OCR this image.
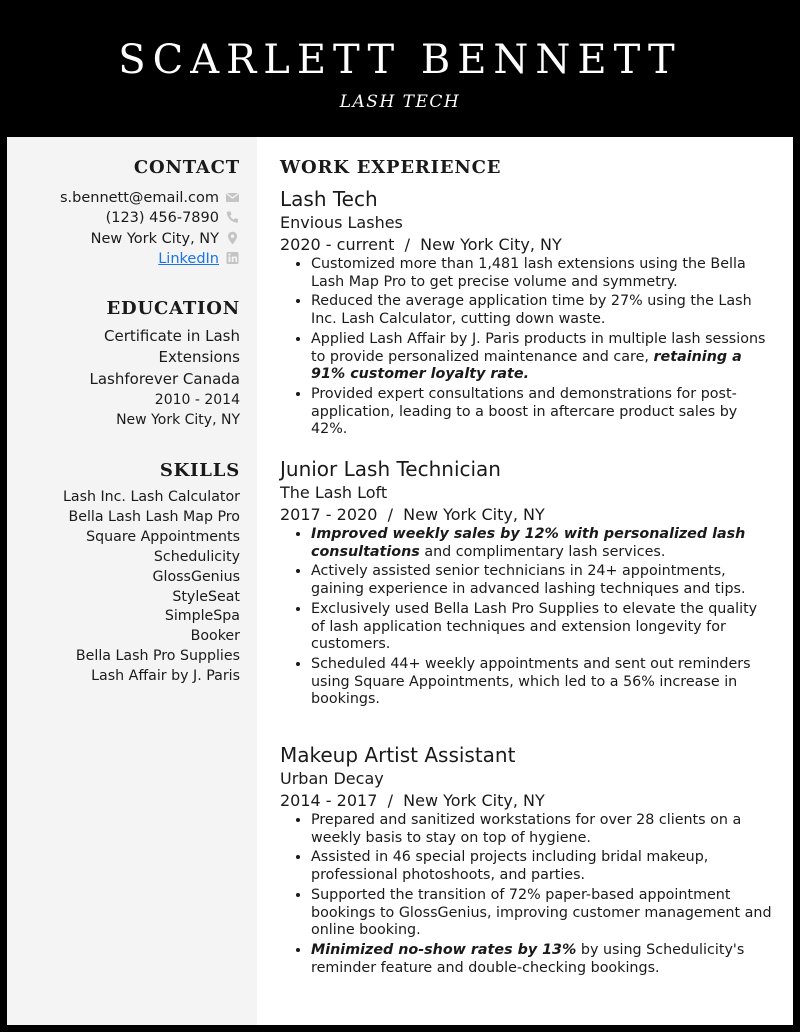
SCARLETT BENNETT
LASH TECH
CONTACT
s.bennett@email.com
(123) 456-7890
New York City, NY
LinkedIn
EDUCATION
Certificate in Lash
Extensions
Lashforever Canada
2010 - 2014
New York City, NY
SKILLS
Lash Inc. Lash Calculator
Bella Lash Lash Map Pro
Square Appointments
Schedulicity
GlossGenius
StyleSeat
SimpleSpa
Booker
Bella Lash Pro Supplies
Lash Affair by J. Paris
WORK EXPERIENCE
Lash Tech
Envious Lashes
2020 - current / New York City, NY
• Customized more than 1,481 lash extensions using the Bella Lash Map Pro to get precise volume and symmetry.
• Reduced the average application time by 27% using the Lash Inc. Lash Calculator, cutting down waste.
• Applied Lash Affair by J. Paris products in multiple lash sessions to provide personalized maintenance and care, retaining a 91% customer loyalty rate.
• Provided expert consultations and demonstrations for post-application, leading to a boost in aftercare product sales by 42%.
Junior Lash Technician
The Lash Loft
2017 - 2020 / New York City, NY
• Improved weekly sales by 12% with personalized lash consultations and complimentary lash services.
• Actively assisted senior technicians in 24+ appointments, gaining experience in advanced lashing techniques and tips.
• Exclusively used Bella Lash Pro Supplies to elevate the quality of lash application techniques and extension longevity for customers.
• Scheduled 44+ weekly appointments and sent out reminders using Square Appointments, which led to a 56% increase in bookings.
Makeup Artist Assistant
Urban Decay
2014 - 2017 / New York City, NY
• Prepared and sanitized workstations for over 28 clients on a weekly basis to stay on top of hygiene.
• Assisted in 46 special projects including bridal makeup, professional photoshoots, and parties.
• Supported the transition of 72% paper-based appointment bookings to GlossGenius, improving customer management and online booking.
• Minimized no-show rates by 13% by using Schedulicity's reminder feature and double-checking bookings.
